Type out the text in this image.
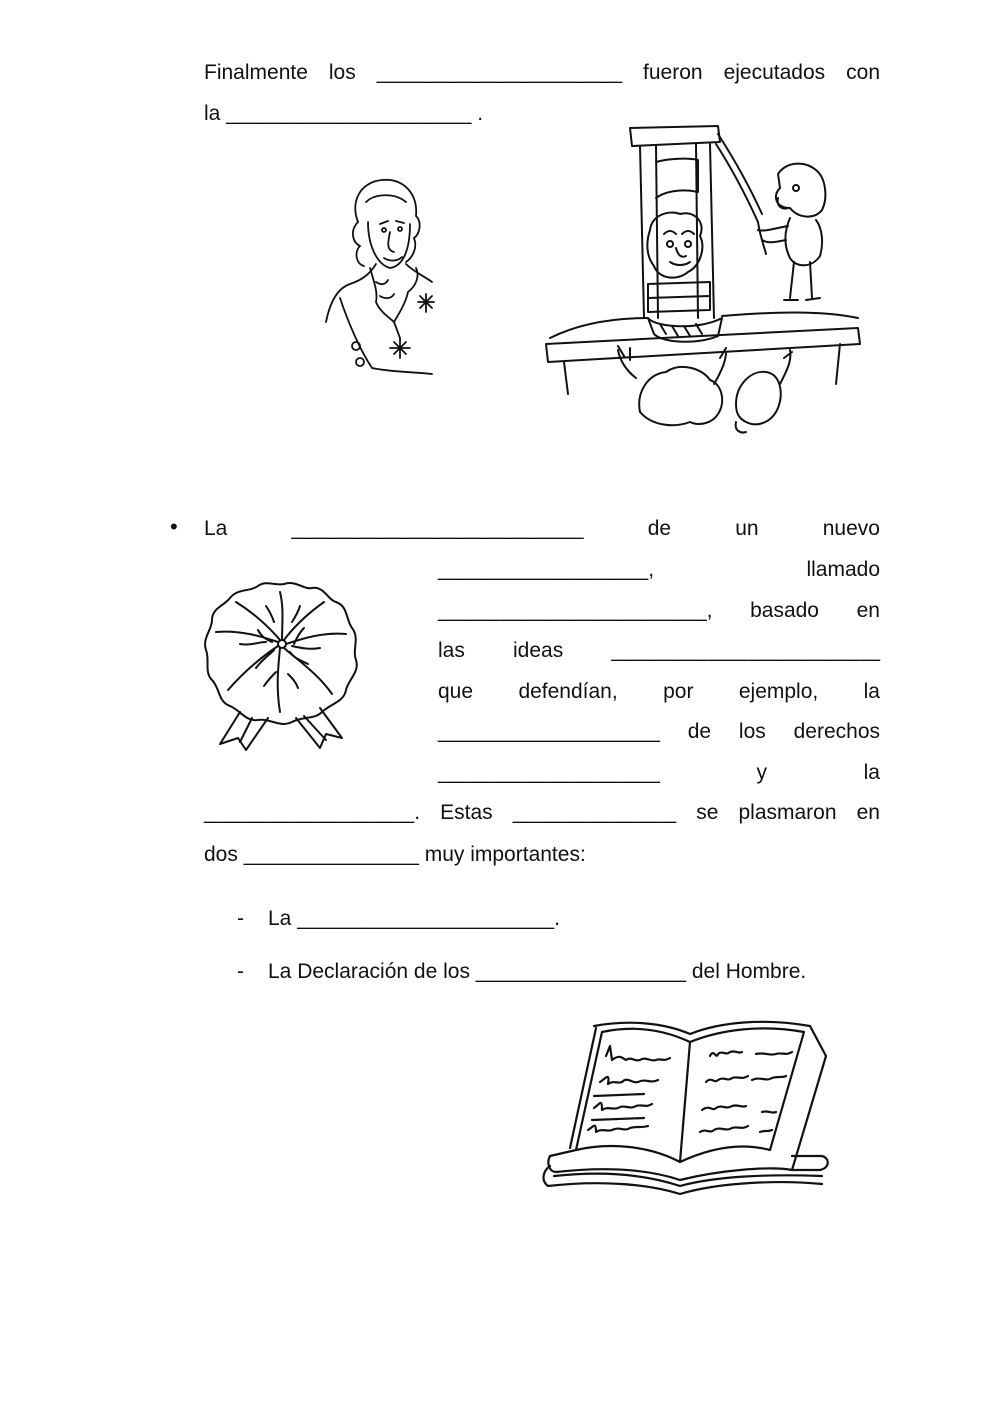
Finalmente los _____________________ fueron ejecutados con
la _____________________ .
• La	_________________________	de	un	nuevo
__________________,	llamado
_______________________, basado en
las ideas _______________________
que defendían, por ejemplo, la
___________________ de los derechos
___________________	y	la
__________________. Estas ______________ se plasmaron en
dos _______________ muy importantes:
- La ______________________.
- La Declaración de los __________________ del Hombre.
